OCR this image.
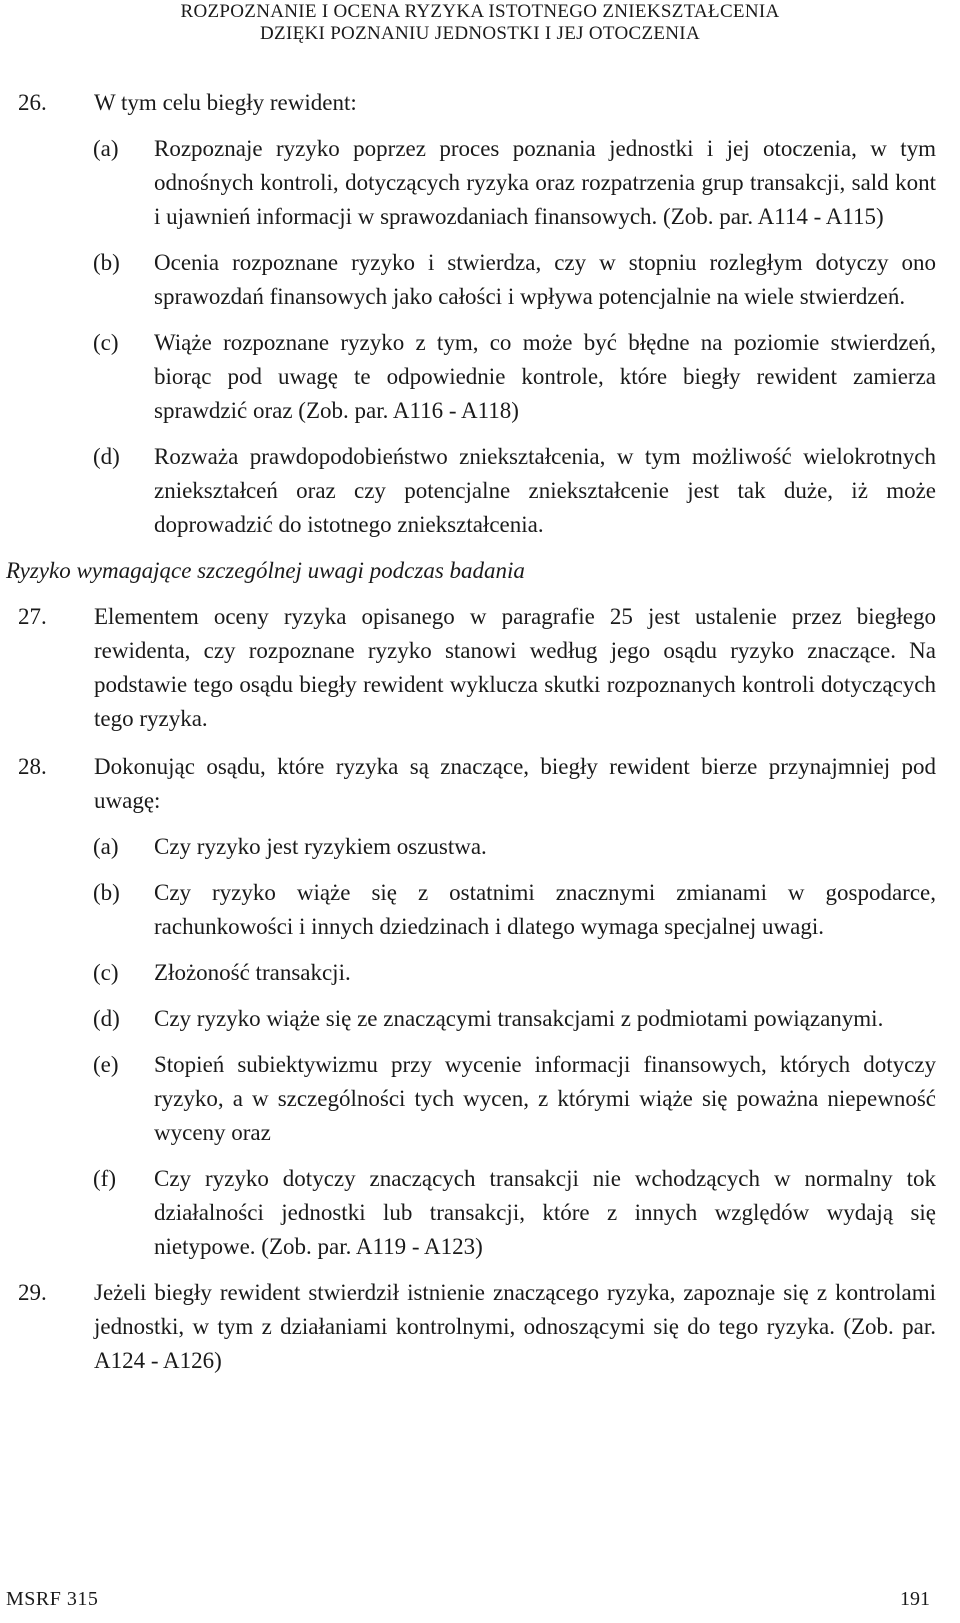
ROZPOZNANIE I OCENA RYZYKA ISTOTNEGO ZNIEKSZTAŁCENIA
DZIĘKI POZNANIU JEDNOSTKI I JEJ OTOCZENIA
26. W tym celu biegły rewident:
(a) Rozpoznaje ryzyko poprzez proces poznania jednostki i jej otoczenia, w tym odnośnych kontroli, dotyczących ryzyka oraz rozpatrzenia grup transakcji, sald kont i ujawnień informacji w sprawozdaniach finansowych. (Zob. par. A114 - A115)
(b) Ocenia rozpoznane ryzyko i stwierdza, czy w stopniu rozległym dotyczy ono sprawozdań finansowych jako całości i wpływa potencjalnie na wiele stwierdzeń.
(c) Wiąże rozpoznane ryzyko z tym, co może być błędne na poziomie stwierdzeń, biorąc pod uwagę te odpowiednie kontrole, które biegły rewident zamierza sprawdzić oraz (Zob. par. A116 - A118)
(d) Rozważa prawdopodobieństwo zniekształcenia, w tym możliwość wielokrotnych zniekształceń oraz czy potencjalne zniekształcenie jest tak duże, iż może doprowadzić do istotnego zniekształcenia.
Ryzyko wymagające szczególnej uwagi podczas badania
27. Elementem oceny ryzyka opisanego w paragrafie 25 jest ustalenie przez biegłego rewidenta, czy rozpoznane ryzyko stanowi według jego osądu ryzyko znaczące. Na podstawie tego osądu biegły rewident wyklucza skutki rozpoznanych kontroli dotyczących tego ryzyka.
28. Dokonując osądu, które ryzyka są znaczące, biegły rewident bierze przynajmniej pod uwagę:
(a) Czy ryzyko jest ryzykiem oszustwa.
(b) Czy ryzyko wiąże się z ostatnimi znacznymi zmianami w gospodarce, rachunkowości i innych dziedzinach i dlatego wymaga specjalnej uwagi.
(c) Złożoność transakcji.
(d) Czy ryzyko wiąże się ze znaczącymi transakcjami z podmiotami powiązanymi.
(e) Stopień subiektywizmu przy wycenie informacji finansowych, których dotyczy ryzyko, a w szczególności tych wycen, z którymi wiąże się poważna niepewność wyceny oraz
(f) Czy ryzyko dotyczy znaczących transakcji nie wchodzących w normalny tok działalności jednostki lub transakcji, które z innych względów wydają się nietypowe. (Zob. par. A119 - A123)
29. Jeżeli biegły rewident stwierdził istnienie znaczącego ryzyka, zapoznaje się z kontrolami jednostki, w tym z działaniami kontrolnymi, odnoszącymi się do tego ryzyka. (Zob. par. A124 - A126)
MSRF 315	191
